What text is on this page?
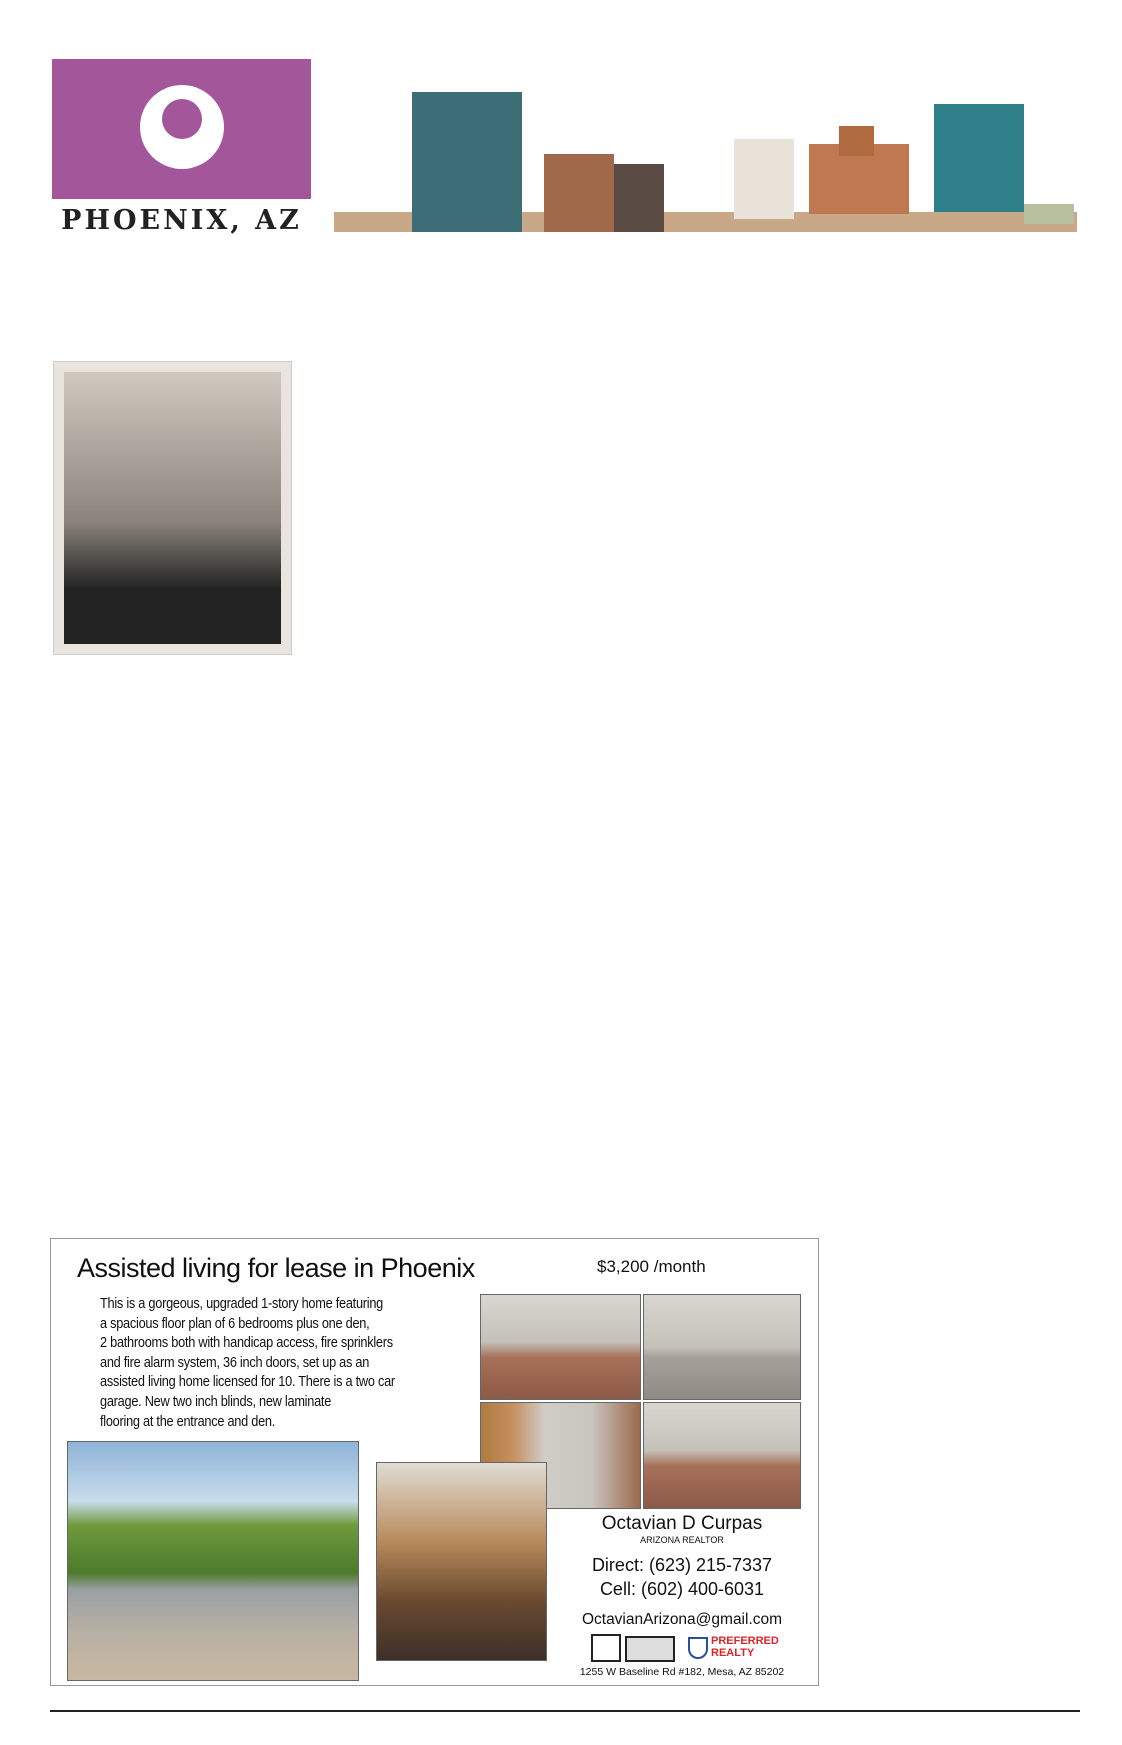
PHOENIX, AZ
Assisted living for lease in Phoenix	$3,200 /month
This is a gorgeous, upgraded 1-story home featuring
a spacious floor plan of 6 bedrooms plus one den,
2 bathrooms both with handicap access, fire sprinklers
and fire alarm system, 36 inch doors, set up as an
assisted living home licensed for 10. There is a two car
garage. New two inch blinds, new laminate
flooring at the entrance and den.
Octavian D Curpas
ARIZONA REALTOR
Direct: (623) 215-7337
Cell: (602) 400-6031
OctavianArizona@gmail.com
PREFERRED REALTY
1255 W Baseline Rd #182, Mesa, AZ 85202
